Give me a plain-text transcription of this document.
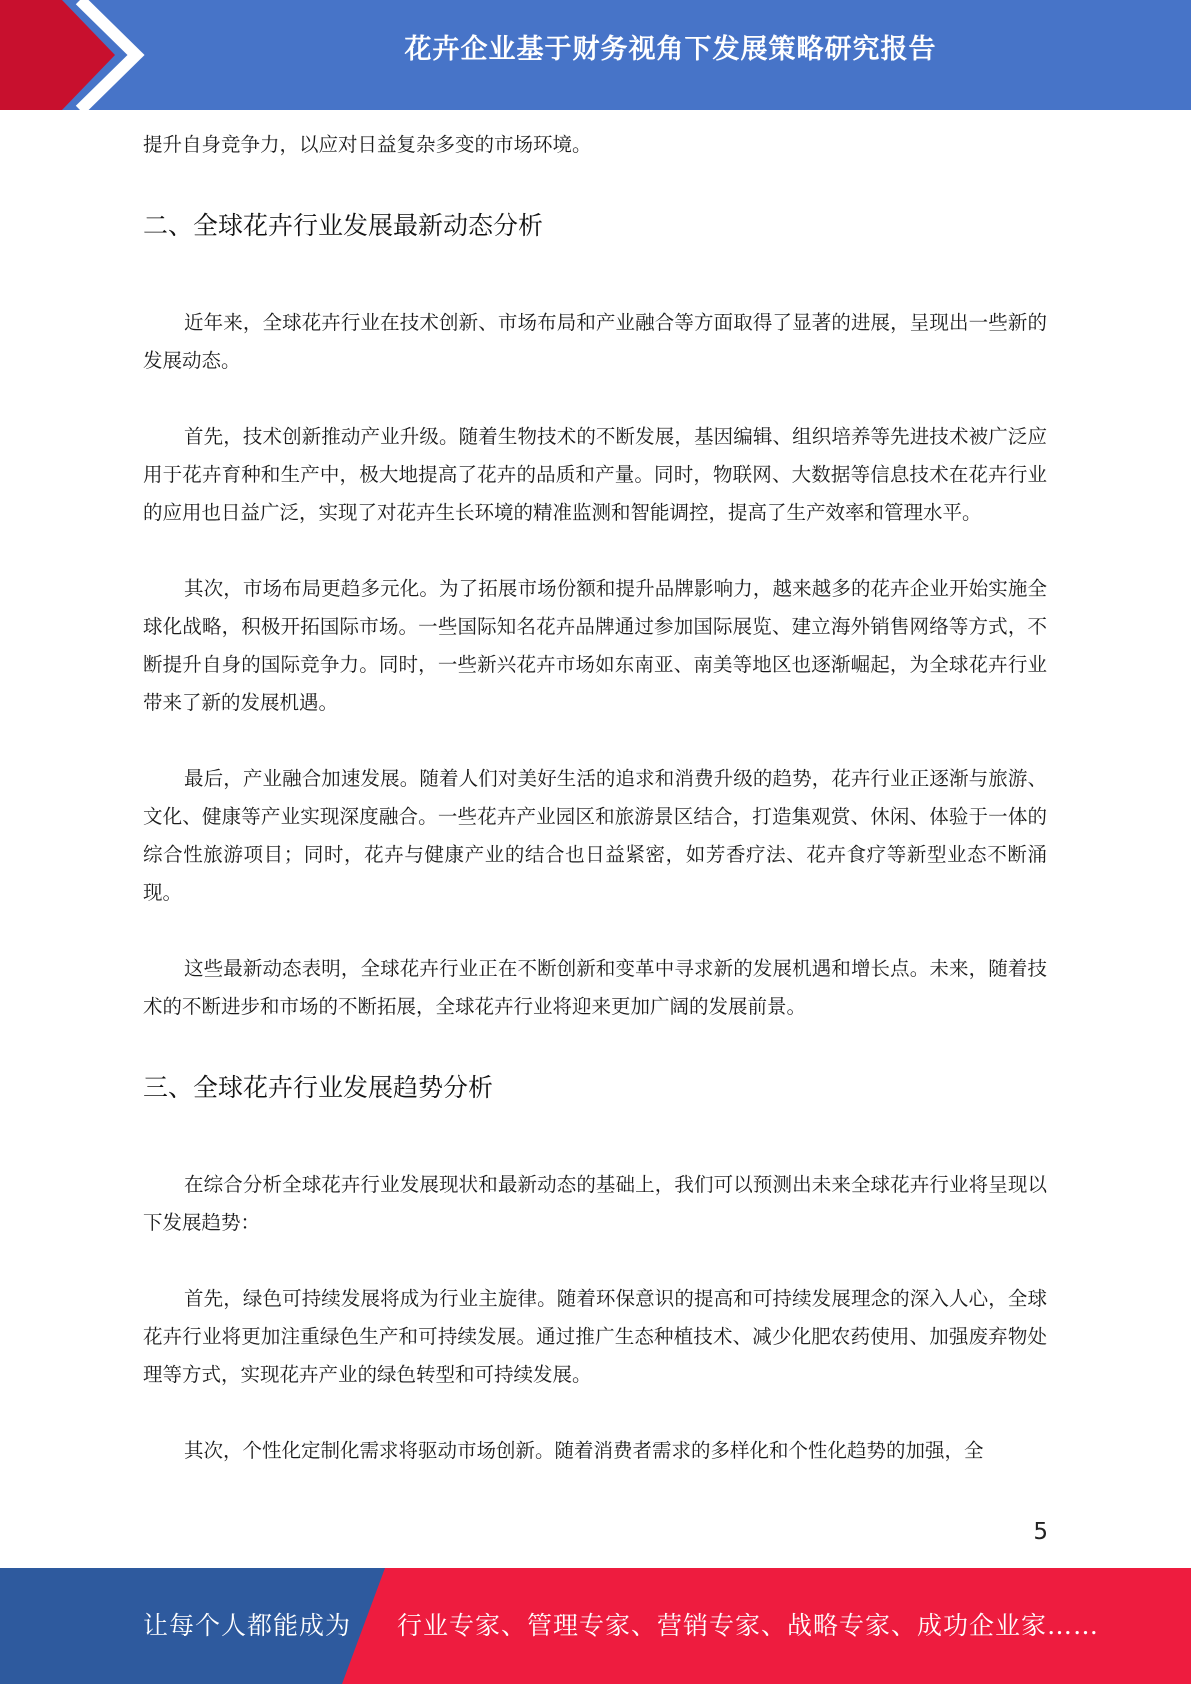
花卉企业基于财务视角下发展策略研究报告

提升自身竞争力，以应对日益复杂多变的市场环境。

二、全球花卉行业发展最新动态分析

近年来，全球花卉行业在技术创新、市场布局和产业融合等方面取得了显著的进展，呈现出一些新的发展动态。

首先，技术创新推动产业升级。随着生物技术的不断发展，基因编辑、组织培养等先进技术被广泛应用于花卉育种和生产中，极大地提高了花卉的品质和产量。同时，物联网、大数据等信息技术在花卉行业的应用也日益广泛，实现了对花卉生长环境的精准监测和智能调控，提高了生产效率和管理水平。

其次，市场布局更趋多元化。为了拓展市场份额和提升品牌影响力，越来越多的花卉企业开始实施全球化战略，积极开拓国际市场。一些国际知名花卉品牌通过参加国际展览、建立海外销售网络等方式，不断提升自身的国际竞争力。同时，一些新兴花卉市场如东南亚、南美等地区也逐渐崛起，为全球花卉行业带来了新的发展机遇。

最后，产业融合加速发展。随着人们对美好生活的追求和消费升级的趋势，花卉行业正逐渐与旅游、文化、健康等产业实现深度融合。一些花卉产业园区和旅游景区结合，打造集观赏、休闲、体验于一体的综合性旅游项目；同时，花卉与健康产业的结合也日益紧密，如芳香疗法、花卉食疗等新型业态不断涌现。

这些最新动态表明，全球花卉行业正在不断创新和变革中寻求新的发展机遇和增长点。未来，随着技术的不断进步和市场的不断拓展，全球花卉行业将迎来更加广阔的发展前景。

三、全球花卉行业发展趋势分析

在综合分析全球花卉行业发展现状和最新动态的基础上，我们可以预测出未来全球花卉行业将呈现以下发展趋势：

首先，绿色可持续发展将成为行业主旋律。随着环保意识的提高和可持续发展理念的深入人心，全球花卉行业将更加注重绿色生产和可持续发展。通过推广生态种植技术、减少化肥农药使用、加强废弃物处理等方式，实现花卉产业的绿色转型和可持续发展。

其次，个性化定制化需求将驱动市场创新。随着消费者需求的多样化和个性化趋势的加强，全

5
让每个人都能成为 行业专家、管理专家、营销专家、战略专家、成功企业家……
